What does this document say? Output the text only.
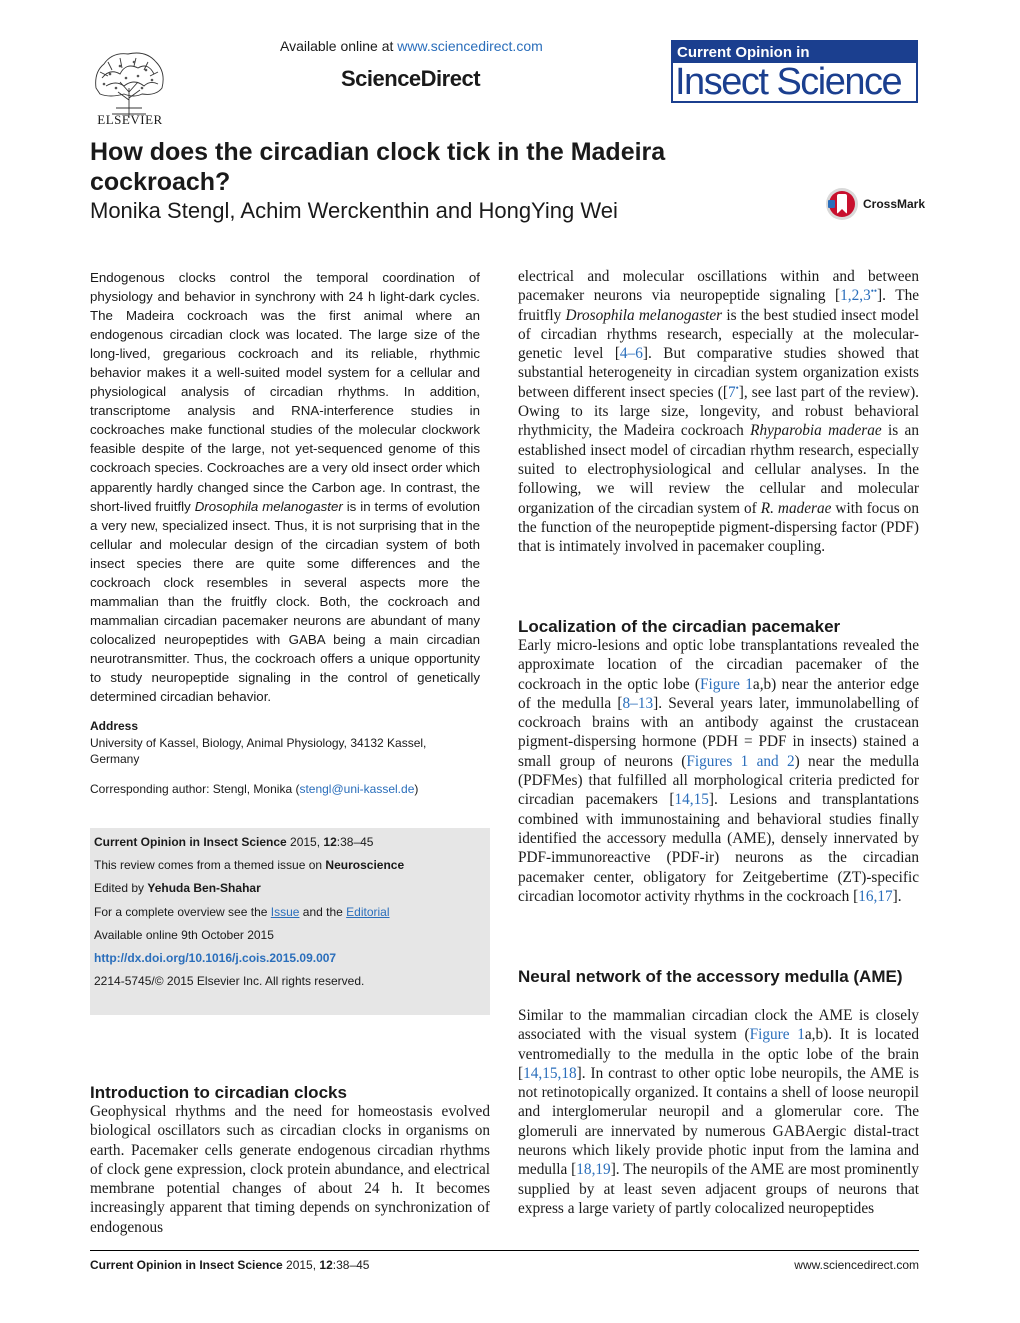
ELSEVIER
Available online at www.sciencedirect.com
ScienceDirect
Current Opinion in
Insect Science
How does the circadian clock tick in the Madeira cockroach?
Monika Stengl, Achim Werckenthin and HongYing Wei	CrossMark

Endogenous clocks control the temporal coordination of physiology and behavior in synchrony with 24 h light-dark cycles. The Madeira cockroach was the first animal where an endogenous circadian clock was located. The large size of the long-lived, gregarious cockroach and its reliable, rhythmic behavior makes it a well-suited model system for a cellular and physiological analysis of circadian rhythms. In addition, transcriptome analysis and RNA-interference studies in cockroaches make functional studies of the molecular clockwork feasible despite of the large, not yet-sequenced genome of this cockroach species. Cockroaches are a very old insect order which apparently hardly changed since the Carbon age. In contrast, the short-lived fruitfly Drosophila melanogaster is in terms of evolution a very new, specialized insect. Thus, it is not surprising that in the cellular and molecular design of the circadian system of both insect species there are quite some differences and the cockroach clock resembles in several aspects more the mammalian than the fruitfly clock. Both, the cockroach and mammalian circadian pacemaker neurons are abundant of many colocalized neuropeptides with GABA being a main circadian neurotransmitter. Thus, the cockroach offers a unique opportunity to study neuropeptide signaling in the control of genetically determined circadian behavior.

Address
University of Kassel, Biology, Animal Physiology, 34132 Kassel,
Germany
Corresponding author: Stengl, Monika (stengl@uni-kassel.de)
Current Opinion in Insect Science 2015, 12:38–45
This review comes from a themed issue on Neuroscience
Edited by Yehuda Ben-Shahar
For a complete overview see the Issue and the Editorial
Available online 9th October 2015
http://dx.doi.org/10.1016/j.cois.2015.09.007
2214-5745/© 2015 Elsevier Inc. All rights reserved.
Introduction to circadian clocks

Geophysical rhythms and the need for homeostasis evolved biological oscillators such as circadian clocks in organisms on earth. Pacemaker cells generate endogenous circadian rhythms of clock gene expression, clock protein abundance, and electrical membrane potential changes of about 24 h. It becomes increasingly apparent that timing depends on synchronization of endogenous

electrical and molecular oscillations within and between pacemaker neurons via neuropeptide signaling [1,2,3••]. The fruitfly Drosophila melanogaster is the best studied insect model of circadian rhythms research, especially at the molecular-genetic level [4–6]. But comparative studies showed that substantial heterogeneity in circadian system organization exists between different insect species ([7•], see last part of the review). Owing to its large size, longevity, and robust behavioral rhythmicity, the Madeira cockroach Rhyparobia maderae is an established insect model of circadian rhythm research, especially suited to electrophysiological and cellular analyses. In the following, we will review the cellular and molecular organization of the circadian system of R. maderae with focus on the function of the neuropeptide pigment-dispersing factor (PDF) that is intimately involved in pacemaker coupling.

Localization of the circadian pacemaker

Early micro-lesions and optic lobe transplantations revealed the approximate location of the circadian pacemaker of the cockroach in the optic lobe (Figure 1a,b) near the anterior edge of the medulla [8–13]. Several years later, immunolabelling of cockroach brains with an antibody against the crustacean pigment-dispersing hormone (PDH = PDF in insects) stained a small group of neurons (Figures 1 and 2) near the medulla (PDFMes) that fulfilled all morphological criteria predicted for circadian pacemakers [14,15]. Lesions and transplantations combined with immunostaining and behavioral studies finally identified the accessory medulla (AME), densely innervated by PDF-immunoreactive (PDF-ir) neurons as the circadian pacemaker center, obligatory for Zeitgebertime (ZT)-specific circadian locomotor activity rhythms in the cockroach [16,17].

Neural network of the accessory medulla (AME)

Similar to the mammalian circadian clock the AME is closely associated with the visual system (Figure 1a,b). It is located ventromedially to the medulla in the optic lobe of the brain [14,15,18]. In contrast to other optic lobe neuropils, the AME is not retinotopically organized. It contains a shell of loose neuropil and interglomerular neuropil and a glomerular core. The glomeruli are innervated by numerous GABAergic distal-tract neurons which likely provide photic input from the lamina and medulla [18,19]. The neuropils of the AME are most prominently supplied by at least seven adjacent groups of neurons that express a large variety of partly colocalized neuropeptides

Current Opinion in Insect Science 2015, 12:38–45	www.sciencedirect.com
